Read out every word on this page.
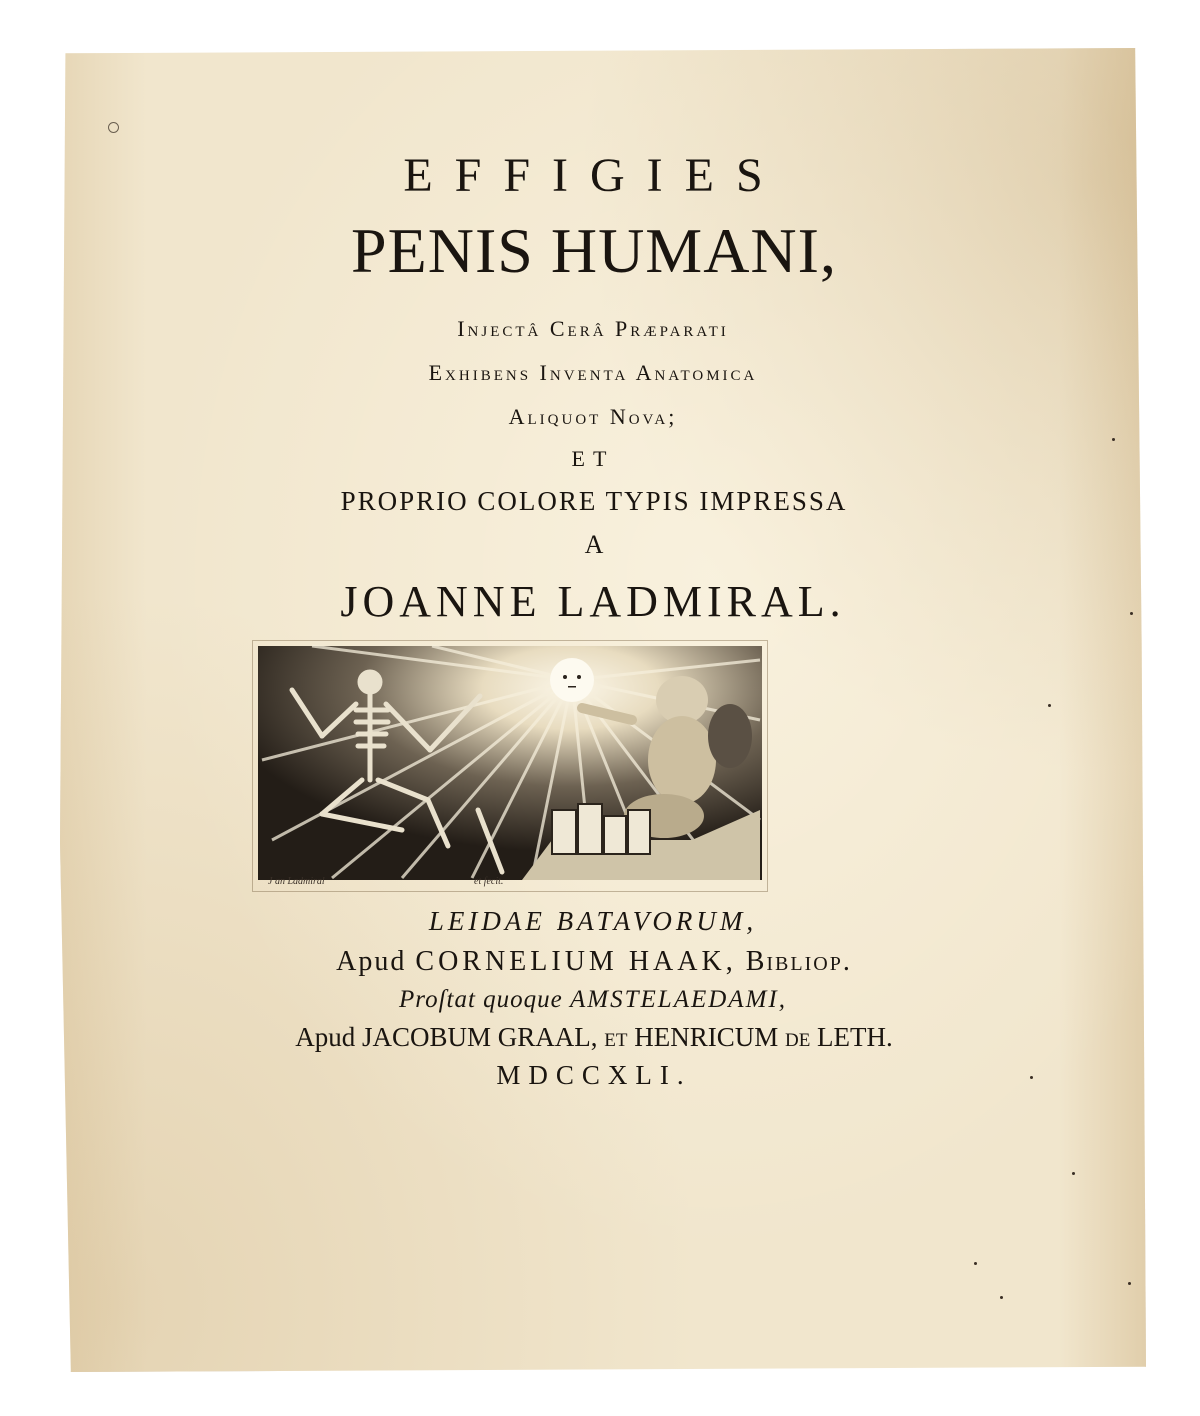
EFFIGIES
PENIS HUMANI,
Injectâ Cerâ Præparati
Exhibens Inventa Anatomica
Aliquot Nova;
ET
PROPRIO COLORE TYPIS IMPRESSA
A
JOANNE LADMIRAL.
J an Ladmiral	et fecit.
LEIDAE BATAVORUM,
Apud CORNELIUM HAAK, Bibliop.
Proſtat quoque AMSTELAEDAMI,
Apud JACOBUM GRAAL, et HENRICUM de LETH.
MDCCXLI.
